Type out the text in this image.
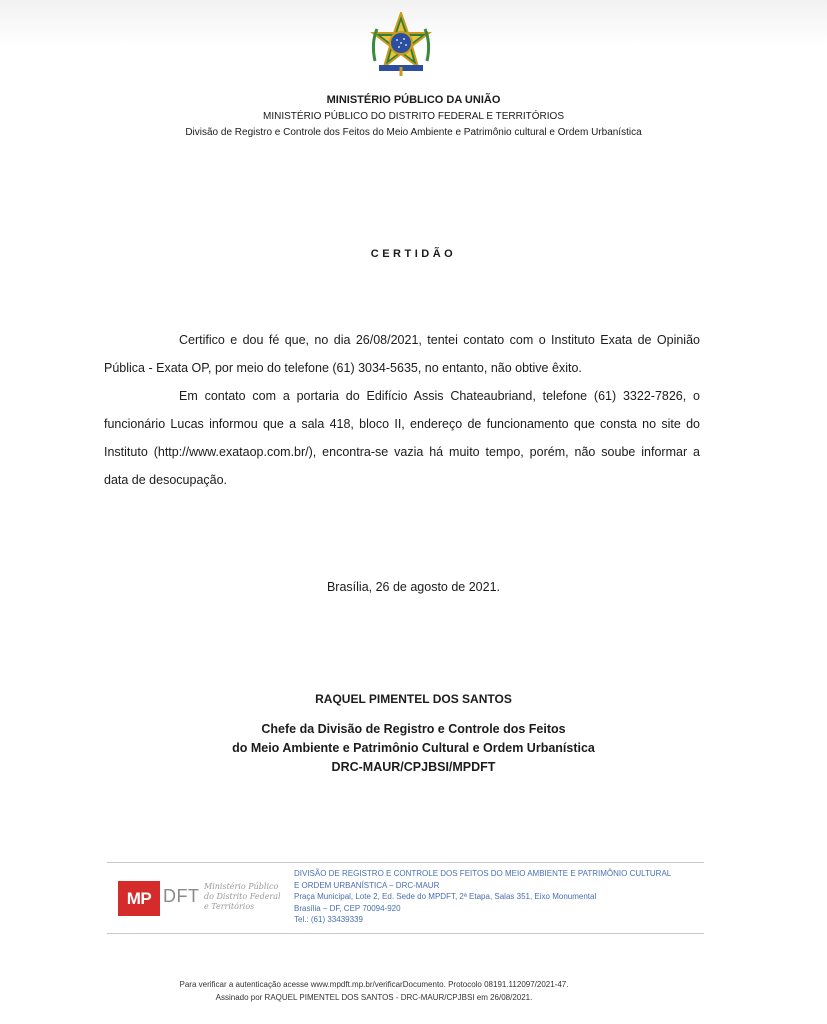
MINISTÉRIO PÚBLICO DA UNIÃO
MINISTÉRIO PÚBLICO DO DISTRITO FEDERAL E TERRITÓRIOS
Divisão de Registro e Controle dos Feitos do Meio Ambiente e Patrimônio cultural e Ordem Urbanística
CERTIDÃO

Certifico e dou fé que, no dia 26/08/2021, tentei contato com o Instituto Exata de Opinião Pública - Exata OP, por meio do telefone (61) 3034-5635, no entanto, não obtive êxito.

Em contato com a portaria do Edifício Assis Chateaubriand, telefone (61) 3322-7826, o funcionário Lucas informou que a sala 418, bloco II, endereço de funcionamento que consta no site do Instituto (http://www.exataop.com.br/), encontra-se vazia há muito tempo, porém, não soube informar a data de desocupação.

Brasília, 26 de agosto de 2021.
RAQUEL PIMENTEL DOS SANTOS
Chefe da Divisão de Registro e Controle dos Feitos
do Meio Ambiente e Patrimônio Cultural e Ordem Urbanística
DRC-MAUR/CPJBSI/MPDFT
MP DFT Ministério Público
do Distrito Federal
e Territórios
DIVISÃO DE REGISTRO E CONTROLE DOS FEITOS DO MEIO AMBIENTE E PATRIMÔNIO CULTURAL
E ORDEM URBANÍSTICA – DRC-MAUR
Praça Municipal, Lote 2, Ed. Sede do MPDFT, 2ª Etapa, Salas 351, Eixo Monumental
Brasília – DF, CEP 70094-920
Tel.: (61) 33439339
Para verificar a autenticação acesse www.mpdft.mp.br/verificarDocumento. Protocolo 08191.112097/2021-47.
Assinado por RAQUEL PIMENTEL DOS SANTOS - DRC-MAUR/CPJBSI em 26/08/2021.
